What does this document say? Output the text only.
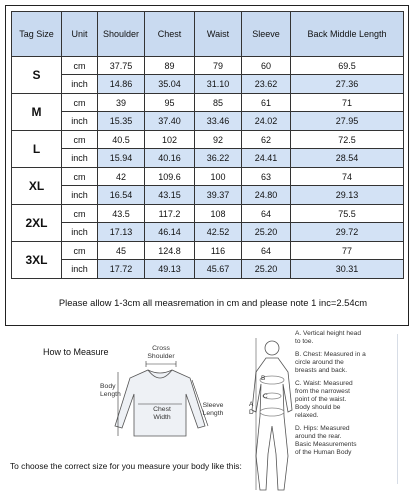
Tag Size	Unit	Shoulder	Chest	Waist	Sleeve	Back Middle Length
S	cm	37.75	89	79	60	69.5
	inch	14.86	35.04	31.10	23.62	27.36
M	cm	39	95	85	61	71
	inch	15.35	37.40	33.46	24.02	27.95
L	cm	40.5	102	92	62	72.5
	inch	15.94	40.16	36.22	24.41	28.54
XL	cm	42	109.6	100	63	74
	inch	16.54	43.15	39.37	24.80	29.13
2XL	cm	43.5	117.2	108	64	75.5
	inch	17.13	46.14	42.52	25.20	29.72
3XL	cm	45	124.8	116	64	77
	inch	17.72	49.13	45.67	25.20	30.31
Please allow 1-3cm all measremation in cm and please note 1 inc=2.54cm
How to Measure
B
C
D
A
Cross
Shoulder
Body
Length
Chest
Width
Sleeve
Length
A. Vertical height head
to toe.
B. Chest: Measured in a
circle around the
breasts and back.
C. Waist: Measured
from the narrowest
point of the waist.
Body should be
relaxed.
D. Hips: Measured
around the rear.
Basic Measurements
of the Human Body
To choose the correct size for you measure your body like this:
